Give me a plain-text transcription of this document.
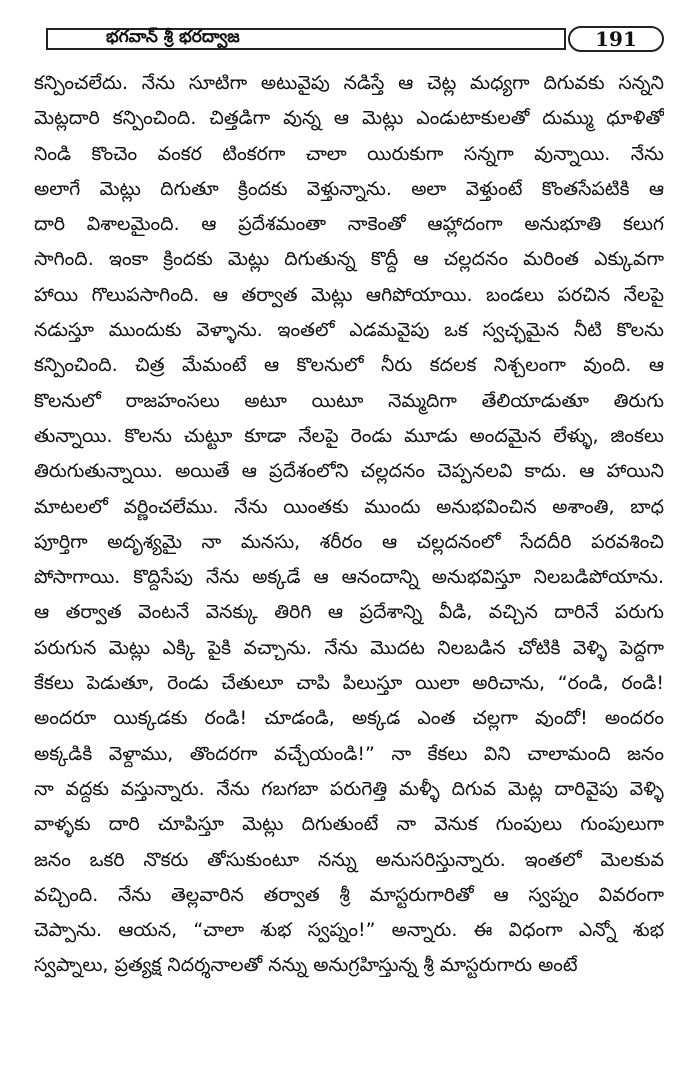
భగవాన్ శ్రీ భరద్వాజ	191
కన్పించలేదు. నేను సూటిగా అటువైపు నడిస్తే ఆ చెట్ల మధ్యగా దిగువకు సన్నని
మెట్లదారి కన్పించింది. చిత్తడిగా వున్న ఆ మెట్లు ఎండుటాకులతో దుమ్ము ధూళితో
నిండి కొంచెం వంకర టింకరగా చాలా యిరుకుగా సన్నగా వున్నాయి. నేను
అలాగే మెట్లు దిగుతూ క్రిందకు వెళ్తున్నాను. అలా వెళ్తుంటే కొంతసేపటికి ఆ
దారి విశాలమైంది. ఆ ప్రదేశమంతా నాకెంతో ఆహ్లాదంగా అనుభూతి కలుగ
సాగింది. ఇంకా క్రిందకు మెట్లు దిగుతున్న కొద్దీ ఆ చల్లదనం మరింత ఎక్కువగా
హాయి గొలుపసాగింది. ఆ తర్వాత మెట్లు ఆగిపోయాయి. బండలు పరచిన నేలపై
నడుస్తూ ముందుకు వెళ్ళాను. ఇంతలో ఎడమవైపు ఒక స్వచ్ఛమైన నీటి కొలను
కన్పించింది. చిత్ర మేమంటే ఆ కొలనులో నీరు కదలక నిశ్చలంగా వుంది. ఆ
కొలనులో రాజహంసలు అటూ యిటూ నెమ్మదిగా తేలియాడుతూ తిరుగు
తున్నాయి. కొలను చుట్టూ కూడా నేలపై రెండు మూడు అందమైన లేళ్ళు, జింకలు
తిరుగుతున్నాయి. అయితే ఆ ప్రదేశంలోని చల్లదనం చెప్పనలవి కాదు. ఆ హాయిని
మాటలలో వర్ణించలేము. నేను యింతకు ముందు అనుభవించిన అశాంతి, బాధ
పూర్తిగా అదృశ్యమై నా మనసు, శరీరం ఆ చల్లదనంలో సేదదీరి పరవశించి
పోసాగాయి. కొద్దిసేపు నేను అక్కడే ఆ ఆనందాన్ని అనుభవిస్తూ నిలబడిపోయాను.
ఆ తర్వాత వెంటనే వెనక్కు తిరిగి ఆ ప్రదేశాన్ని వీడి, వచ్చిన దారినే పరుగు
పరుగున మెట్లు ఎక్కి పైకి వచ్చాను. నేను మొదట నిలబడిన చోటికి వెళ్ళి పెద్దగా
కేకలు పెడుతూ, రెండు చేతులూ చాపి పిలుస్తూ యిలా అరిచాను, “రండి, రండి!
అందరూ యిక్కడకు రండి! చూడండి, అక్కడ ఎంత చల్లగా వుందో! అందరం
అక్కడికి వెళ్దాము, తొందరగా వచ్చేయండి!” నా కేకలు విని చాలామంది జనం
నా వద్దకు వస్తున్నారు. నేను గబగబా పరుగెత్తి మళ్ళీ దిగువ మెట్ల దారివైపు వెళ్ళి
వాళ్ళకు దారి చూపిస్తూ మెట్లు దిగుతుంటే నా వెనుక గుంపులు గుంపులుగా
జనం ఒకరి నొకరు తోసుకుంటూ నన్ను అనుసరిస్తున్నారు. ఇంతలో మెలకువ
వచ్చింది. నేను తెల్లవారిన తర్వాత శ్రీ మాస్టరుగారితో ఆ స్వప్నం వివరంగా
చెప్పాను. ఆయన, “చాలా శుభ స్వప్నం!” అన్నారు. ఈ విధంగా ఎన్నో శుభ
స్వప్నాలు, ప్రత్యక్ష నిదర్శనాలతో నన్ను అనుగ్రహిస్తున్న శ్రీ మాస్టరుగారు అంటే
